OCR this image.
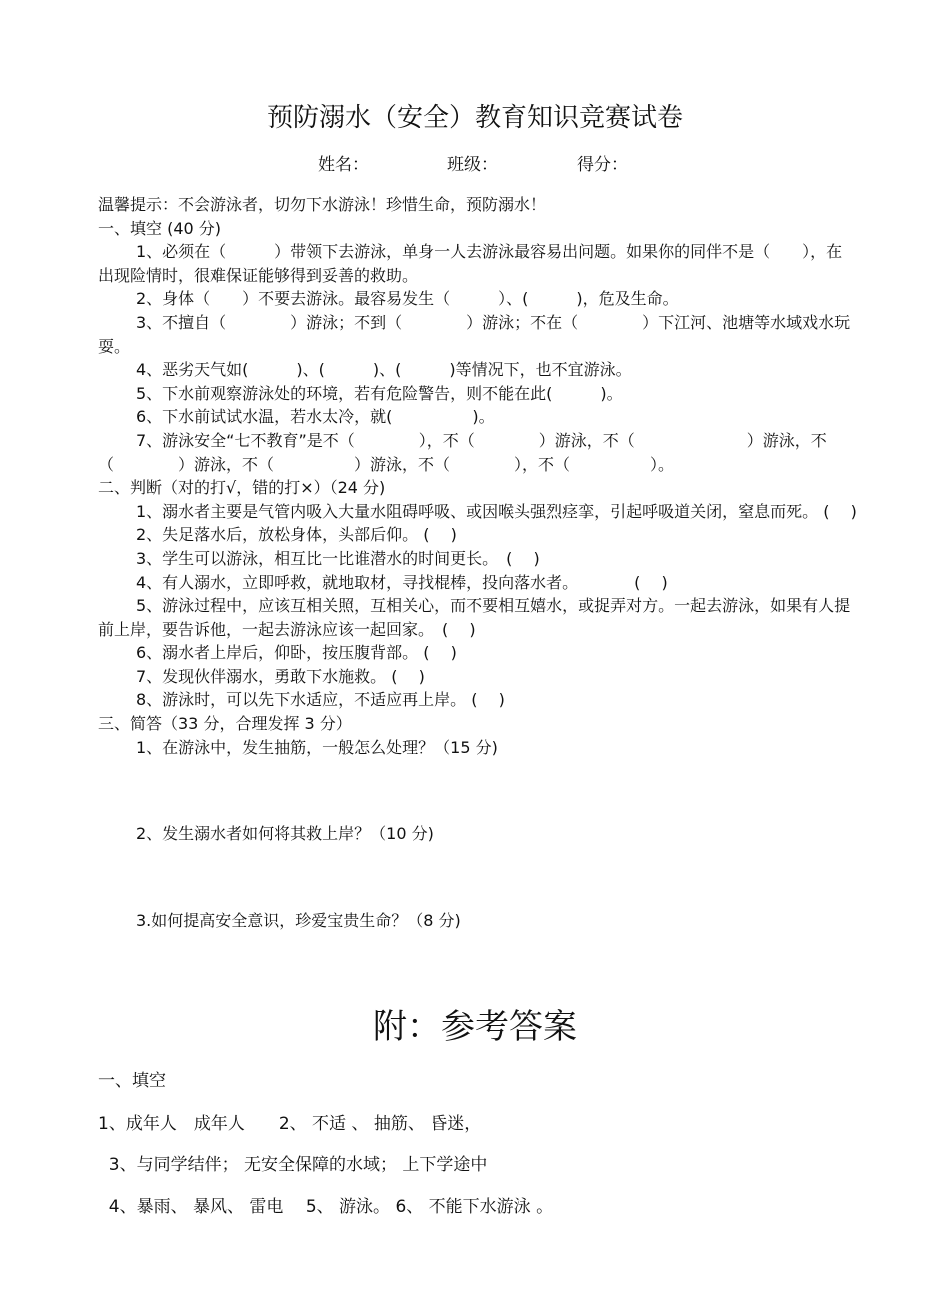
预防溺水（安全）教育知识竞赛试卷
姓名：	班级：	得分：

温馨提示：不会游泳者，切勿下水游泳！珍惜生命，预防溺水！

一、填空 (40 分)

1、必须在（　　　）带领下去游泳，单身一人去游泳最容易出问题。如果你的同伴不是（　　），在出现险情时，很难保证能够得到妥善的救助。

2、身体（　　）不要去游泳。最容易发生（　　　）、(　　　)，危及生命。

3、不擅自（　　　　）游泳；不到（　　　　）游泳；不在（　　　　）下江河、池塘等水域戏水玩耍。

4、恶劣天气如(　　　)、(　　　)、(　　　)等情况下，也不宜游泳。

5、下水前观察游泳处的环境，若有危险警告，则不能在此(　　　)。

6、下水前试试水温，若水太冷，就(　　　　　)。

7、游泳安全“七不教育”是不（　　　　），不（　　　　）游泳，不（　　　　　　　）游泳，不（　　　　）游泳，不（　　　　　）游泳，不（　　　　），不（　　　　　）。

二、判断（对的打√，错的打×）（24 分)

1、溺水者主要是气管内吸入大量水阻碍呼吸、或因喉头强烈痉挛，引起呼吸道关闭，窒息而死。 (　 )

2、失足落水后，放松身体，头部后仰。 (　 )

3、学生可以游泳，相互比一比谁潜水的时间更长。　(　 )

4、有人溺水，立即呼救，就地取材，寻找棍棒，投向落水者。　　　　(　 )

5、游泳过程中，应该互相关照，互相关心，而不要相互嬉水，或捉弄对方。一起去游泳，如果有人提前上岸，要告诉他，一起去游泳应该一起回家。　(　 )

6、溺水者上岸后，仰卧，按压腹背部。 (　 )

7、发现伙伴溺水，勇敢下水施救。 (　 )

8、游泳时，可以先下水适应，不适应再上岸。 (　 )

三、简答（33 分，合理发挥 3 分）

1、在游泳中，发生抽筋，一般怎么处理？（15 分)

2、发生溺水者如何将其救上岸？（10 分)

3.如何提高安全意识，珍爱宝贵生命？（8 分)

附：参考答案
一、填空
1、成年人　成年人　　2、 不适 、 抽筋、 昏迷，
3、与同学结伴； 无安全保障的水域； 上下学途中
4、暴雨、 暴风、 雷电　 5、 游泳。 6、 不能下水游泳 。
